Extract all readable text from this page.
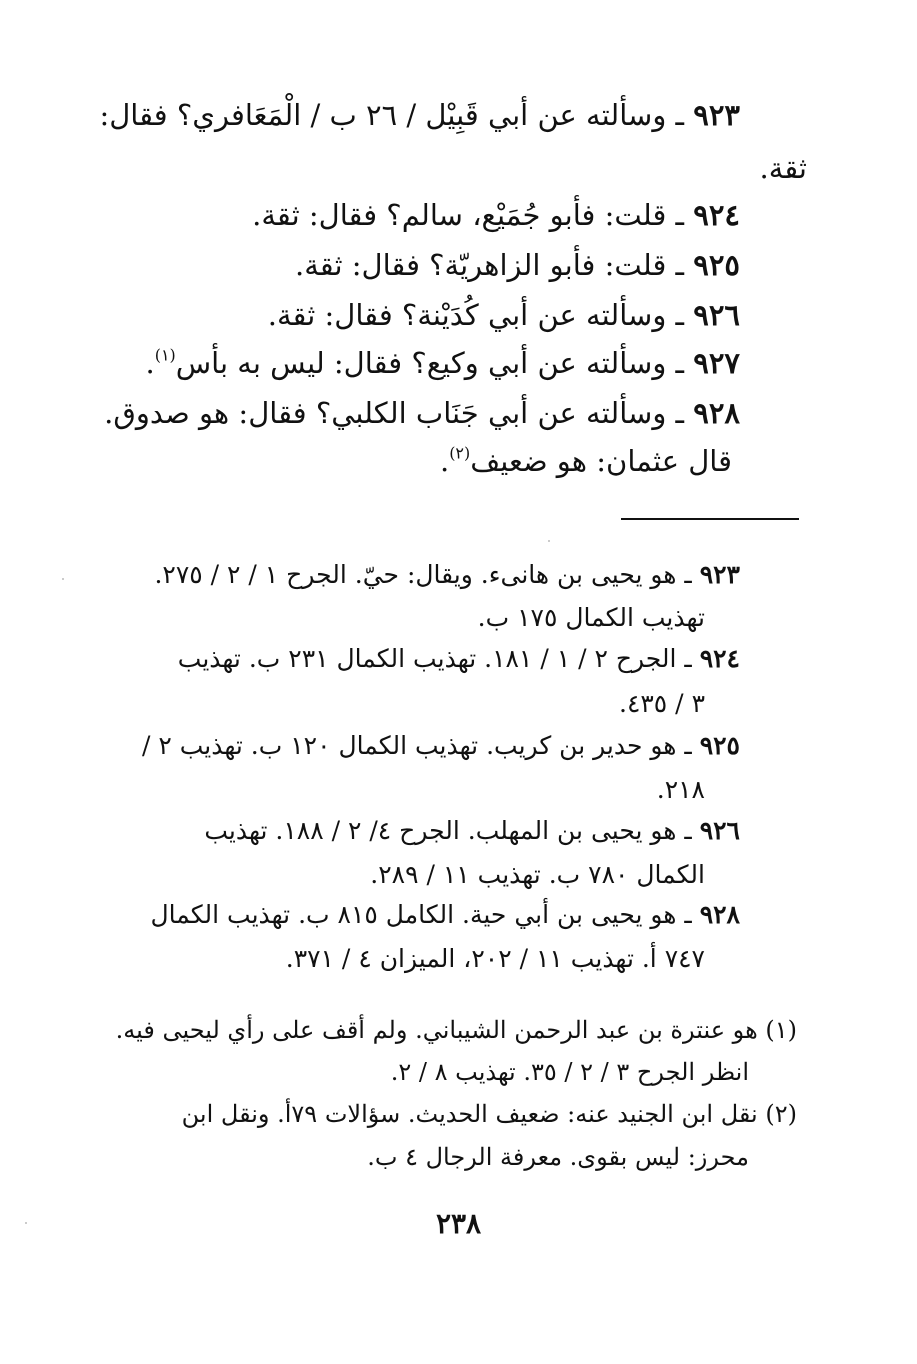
٩٢٣ ـ وسألته عن أبي قَبِيْل / ٢٦ ب / الْمَعَافري؟ فقال:
ثقة.
٩٢٤ ـ قلت: فأبو جُمَيْع، سالم؟ فقال: ثقة.
٩٢٥ ـ قلت: فأبو الزاهريّة؟ فقال: ثقة.
٩٢٦ ـ وسألته عن أبي كُدَيْنة؟ فقال: ثقة.
٩٢٧ ـ وسألته عن أبي وكيع؟ فقال: ليس به بأس$^{(١)}$.
٩٢٨ ـ وسألته عن أبي جَنَاب الكلبي؟ فقال: هو صدوق.
قال عثمان: هو ضعيف$^{(٢)}$.
٩٢٣ ـ هو يحيى بن هانىء. ويقال: حيّ. الجرح ١ / ٢ / ٢٧٥.
تهذيب الكمال ١٧٥ ب.
٩٢٤ ـ الجرح ٢ / ١ / ١٨١. تهذيب الكمال ٢٣١ ب. تهذيب
٣ / ٤٣٥.
٩٢٥ ـ هو حدير بن كريب. تهذيب الكمال ١٢٠ ب. تهذيب ٢ /
٢١٨.
٩٢٦ ـ هو يحيى بن المهلب. الجرح ٤/ ٢ / ١٨٨. تهذيب
الكمال ٧٨٠ ب. تهذيب ١١ / ٢٨٩.
٩٢٨ ـ هو يحيى بن أبي حية. الكامل ٨١٥ ب. تهذيب الكمال
٧٤٧ أ. تهذيب ١١ / ٢٠٢، الميزان ٤ / ٣٧١.
(١) هو عنترة بن عبد الرحمن الشيباني. ولم أقف على رأي ليحيى فيه.
انظر الجرح ٣ / ٢ / ٣٥. تهذيب ٨ / ٢.
(٢) نقل ابن الجنيد عنه: ضعيف الحديث. سؤالات ٧٩أ. ونقل ابن
محرز: ليس بقوى. معرفة الرجال ٤ ب.
٢٣٨
